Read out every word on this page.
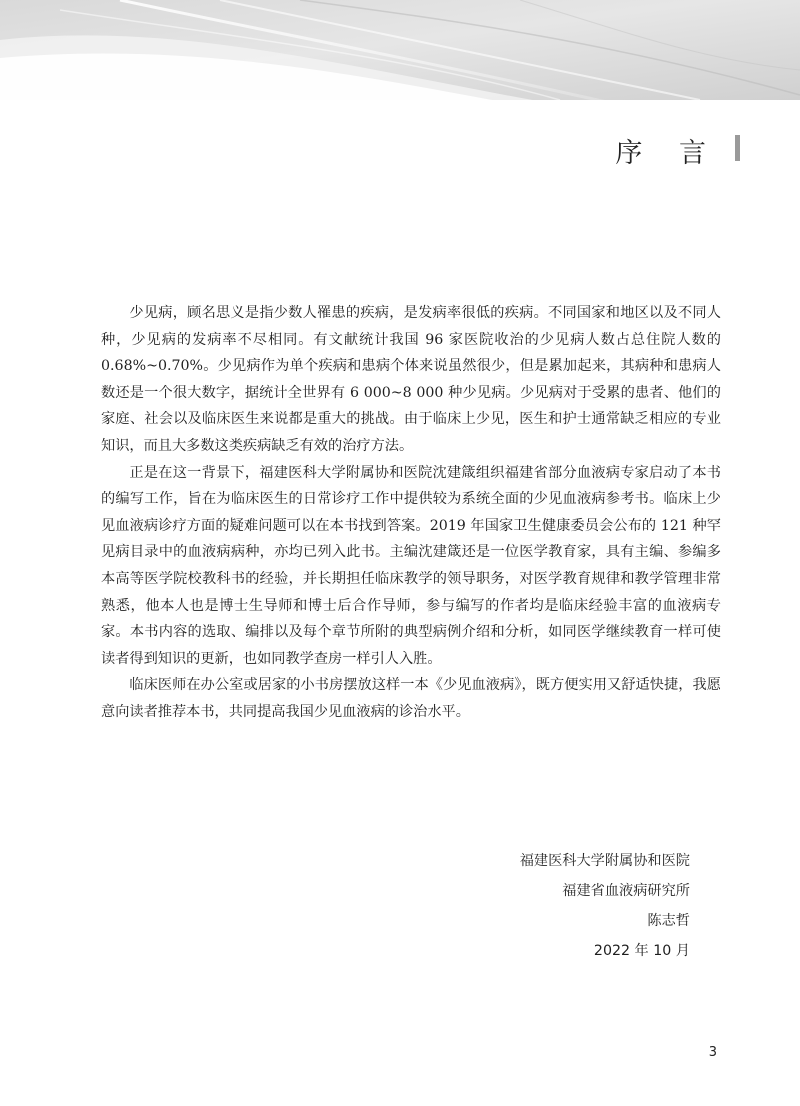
序 言

少见病，顾名思义是指少数人罹患的疾病，是发病率很低的疾病。不同国家和地区以及不同人种，少见病的发病率不尽相同。有文献统计我国 96 家医院收治的少见病人数占总住院人数的 0.68%~0.70%。少见病作为单个疾病和患病个体来说虽然很少，但是累加起来，其病种和患病人数还是一个很大数字，据统计全世界有 6 000~8 000 种少见病。少见病对于受累的患者、他们的家庭、社会以及临床医生来说都是重大的挑战。由于临床上少见，医生和护士通常缺乏相应的专业知识，而且大多数这类疾病缺乏有效的治疗方法。

正是在这一背景下，福建医科大学附属协和医院沈建箴组织福建省部分血液病专家启动了本书的编写工作，旨在为临床医生的日常诊疗工作中提供较为系统全面的少见血液病参考书。临床上少见血液病诊疗方面的疑难问题可以在本书找到答案。2019 年国家卫生健康委员会公布的 121 种罕见病目录中的血液病病种，亦均已列入此书。主编沈建箴还是一位医学教育家，具有主编、参编多本高等医学院校教科书的经验，并长期担任临床教学的领导职务，对医学教育规律和教学管理非常熟悉，他本人也是博士生导师和博士后合作导师，参与编写的作者均是临床经验丰富的血液病专家。本书内容的选取、编排以及每个章节所附的典型病例介绍和分析，如同医学继续教育一样可使读者得到知识的更新，也如同教学查房一样引人入胜。

临床医师在办公室或居家的小书房摆放这样一本《少见血液病》，既方便实用又舒适快捷，我愿意向读者推荐本书，共同提高我国少见血液病的诊治水平。

福建医科大学附属协和医院
福建省血液病研究所
陈志哲
2022 年 10 月
3
